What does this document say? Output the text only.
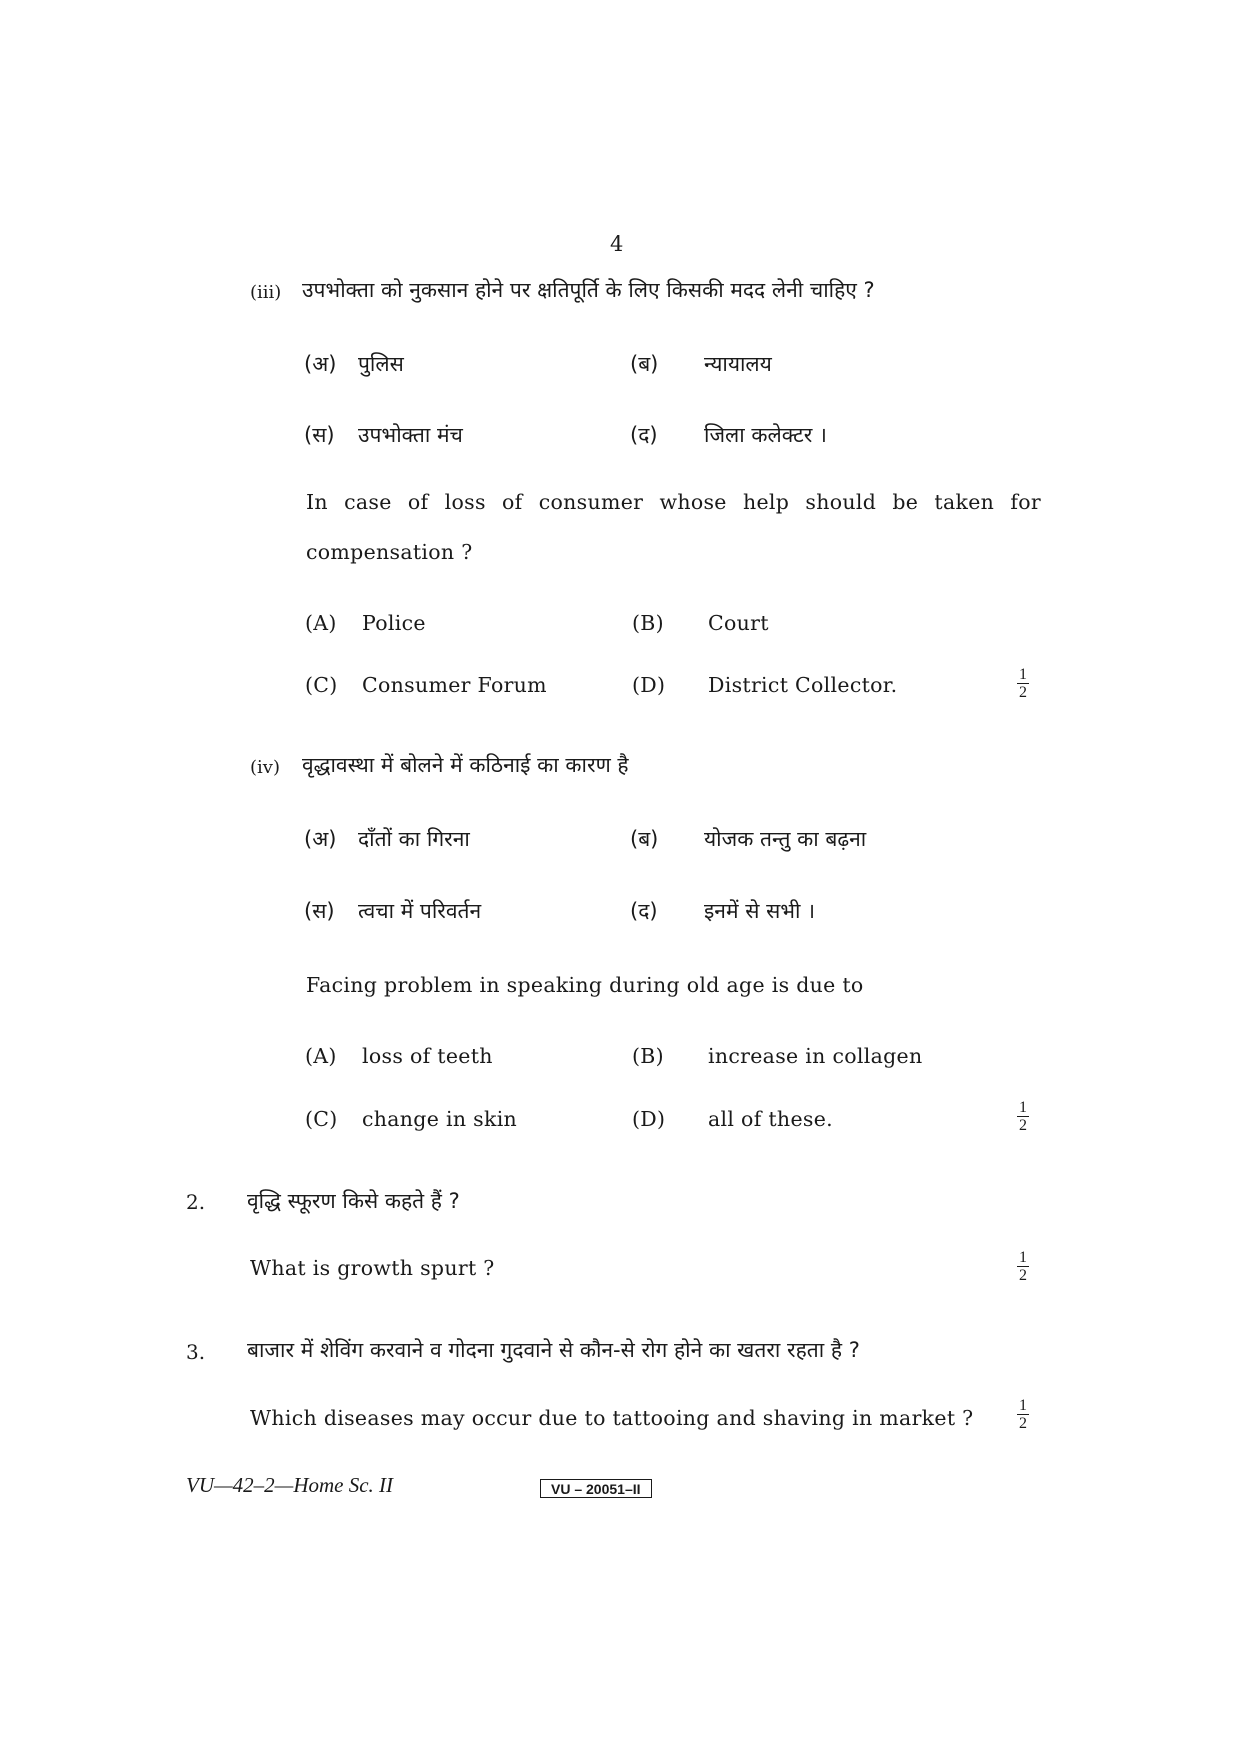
4
(iii) उपभोक्ता को नुकसान होने पर क्षतिपूर्ति के लिए किसकी मदद लेनी चाहिए ?
(अ) पुलिस	(ब) न्यायालय
(स) उपभोक्ता मंच	(द) जिला कलेक्टर ।
In case of loss of consumer whose help should be taken for
compensation ?
(A) Police	(B) Court
(C) Consumer Forum	(D) District Collector.	1
2
(iv) वृद्धावस्था में बोलने में कठिनाई का कारण है
(अ) दाँतों का गिरना	(ब) योजक तन्तु का बढ़ना
(स) त्वचा में परिवर्तन	(द) इनमें से सभी ।
Facing problem in speaking during old age is due to
(A) loss of teeth	(B) increase in collagen
(C) change in skin	(D) all of these.	1
2
2. वृद्धि स्फूरण किसे कहते हैं ?
What is growth spurt ?	1
2
3. बाजार में शेविंग करवाने व गोदना गुदवाने से कौन-से रोग होने का खतरा रहता है ?
Which diseases may occur due to tattooing and shaving in market ?
1
2
VU—42–2—Home Sc. II	VU – 20051–II
